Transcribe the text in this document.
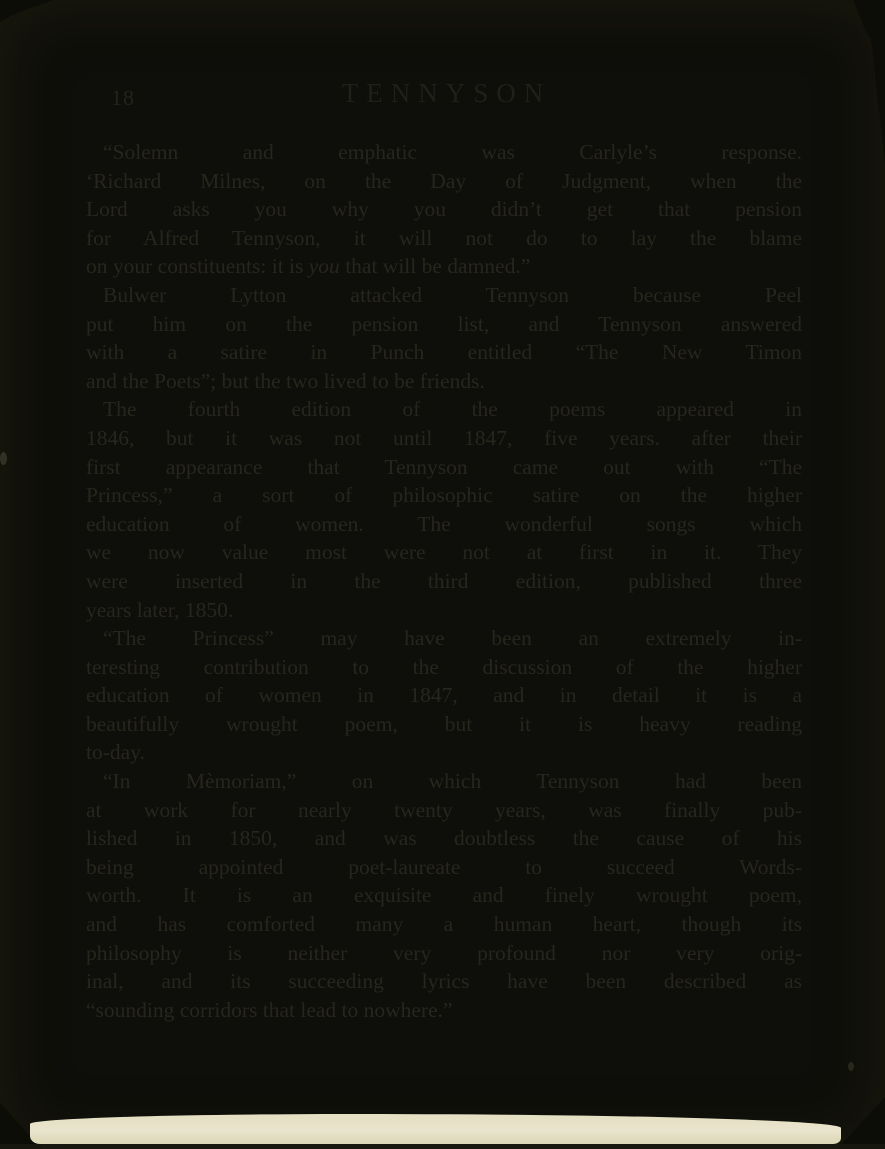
18	TENNYSON
“Solemn and emphatic was Carlyle’s response.
‘Richard Milnes, on the Day of Judgment, when the
Lord asks you why you didn’t get that pension
for Alfred Tennyson, it will not do to lay the blame
on your constituents: it is you that will be damned.”
Bulwer Lytton attacked Tennyson because Peel
put him on the pension list, and Tennyson answered
with a satire in Punch entitled “The New Timon
and the Poets”; but the two lived to be friends.
The fourth edition of the poems appeared in
1846, but it was not until 1847, five years. after their
first appearance that Tennyson came out with “The
Princess,” a sort of philosophic satire on the higher
education of women. The wonderful songs which
we now value most were not at first in it. They
were inserted in the third edition, published three
years later, 1850.
“The Princess” may have been an extremely in-
teresting contribution to the discussion of the higher
education of women in 1847, and in detail it is a
beautifully wrought poem, but it is heavy reading
to-day.
“In Mèmoriam,” on which Tennyson had been
at work for nearly twenty years, was finally pub-
lished in 1850, and was doubtless the cause of his
being appointed poet-laureate to succeed Words-
worth. It is an exquisite and finely wrought poem,
and has comforted many a human heart, though its
philosophy is neither very profound nor very orig-
inal, and its succeeding lyrics have been described as
“sounding corridors that lead to nowhere.”
